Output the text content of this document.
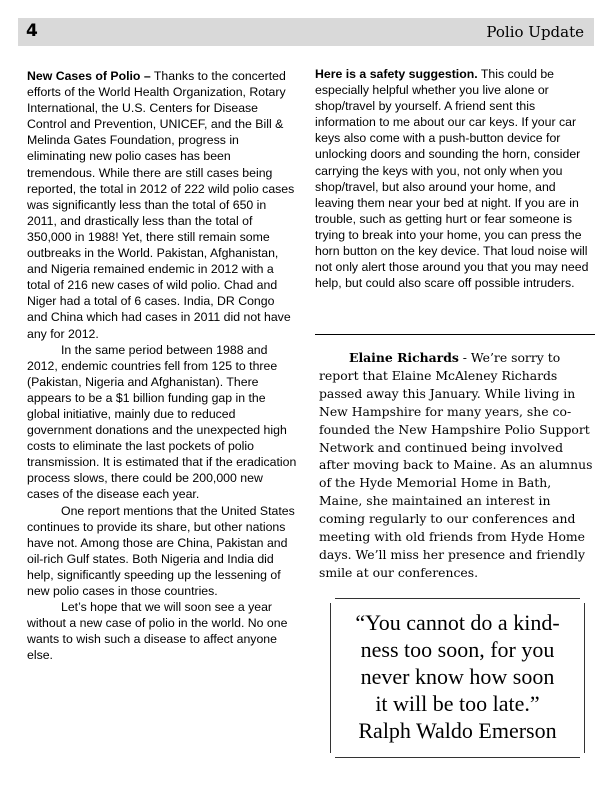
4	Polio Update

New Cases of Polio – Thanks to the concerted efforts of the World Health Organization, Rotary International, the U.S. Centers for Disease Control and Prevention, UNICEF, and the Bill & Melinda Gates Foundation, progress in eliminating new polio cases has been tremendous. While there are still cases being reported, the total in 2012 of 222 wild polio cases was significantly less than the total of 650 in 2011, and drastically less than the total of 350,000 in 1988! Yet, there still remain some outbreaks in the World. Pakistan, Afghanistan, and Nigeria remained endemic in 2012 with a total of 216 new cases of wild polio. Chad and Niger had a total of 6 cases. India, DR Congo and China which had cases in 2011 did not have any for 2012.

In the same period between 1988 and 2012, endemic countries fell from 125 to three (Pakistan, Nigeria and Afghanistan). There appears to be a $1 billion funding gap in the global initiative, mainly due to reduced government donations and the unexpected high costs to eliminate the last pockets of polio transmission. It is estimated that if the eradication process slows, there could be 200,000 new cases of the disease each year.

One report mentions that the United States continues to provide its share, but other nations have not. Among those are China, Pakistan and oil-rich Gulf states. Both Nigeria and India did help, significantly speeding up the lessening of new polio cases in those countries.

Let’s hope that we will soon see a year without a new case of polio in the world. No one wants to wish such a disease to affect anyone else.

Here is a safety suggestion. This could be especially helpful whether you live alone or shop/travel by yourself. A friend sent this information to me about our car keys. If your car keys also come with a push-button device for unlocking doors and sounding the horn, consider carrying the keys with you, not only when you shop/travel, but also around your home, and leaving them near your bed at night. If you are in trouble, such as getting hurt or fear someone is trying to break into your home, you can press the horn button on the key device. That loud noise will not only alert those around you that you may need help, but could also scare off possible intruders.

Elaine Richards - We’re sorry to report that Elaine McAleney Richards passed away this January. While living in New Hampshire for many years, she co-founded the New Hampshire Polio Support Network and continued being involved after moving back to Maine. As an alumnus of the Hyde Memorial Home in Bath, Maine, she maintained an interest in coming regularly to our conferences and meeting with old friends from Hyde Home days. We’ll miss her presence and friendly smile at our conferences.

“You cannot do a kind-
ness too soon, for you
never know how soon
it will be too late.”
Ralph Waldo Emerson
